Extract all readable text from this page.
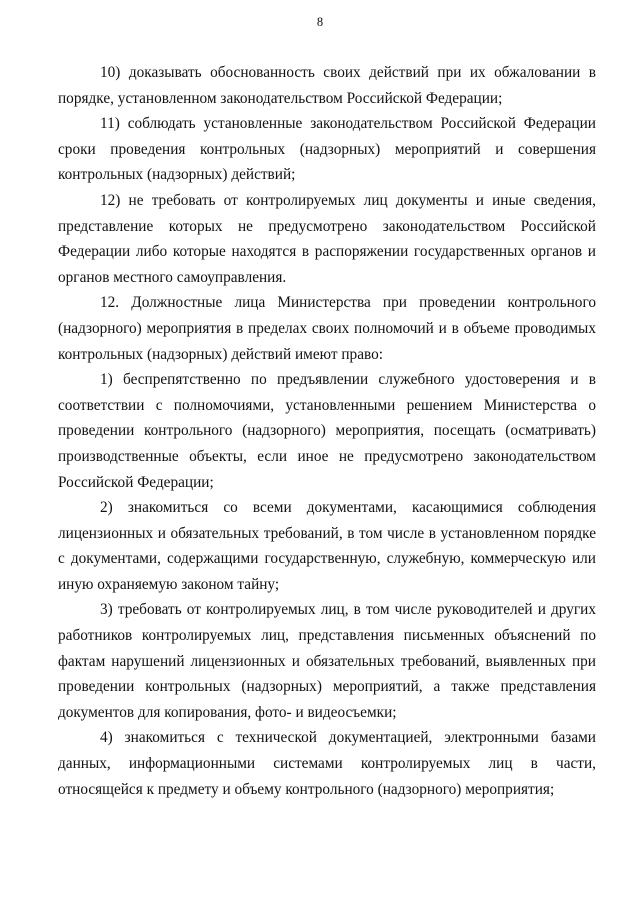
8

10) доказывать обоснованность своих действий при их обжаловании в порядке, установленном законодательством Российской Федерации;

11) соблюдать установленные законодательством Российской Федерации сроки проведения контрольных (надзорных) мероприятий и совершения контрольных (надзорных) действий;

12) не требовать от контролируемых лиц документы и иные сведения, представление которых не предусмотрено законодательством Российской Федерации либо которые находятся в распоряжении государственных органов и органов местного самоуправления.

12. Должностные лица Министерства при проведении контрольного (надзорного) мероприятия в пределах своих полномочий и в объеме проводимых контрольных (надзорных) действий имеют право:

1) беспрепятственно по предъявлении служебного удостоверения и в соответствии с полномочиями, установленными решением Министерства о проведении контрольного (надзорного) мероприятия, посещать (осматривать) производственные объекты, если иное не предусмотрено законодательством Российской Федерации;

2) знакомиться со всеми документами, касающимися соблюдения лицензионных и обязательных требований, в том числе в установленном порядке с документами, содержащими государственную, служебную, коммерческую или иную охраняемую законом тайну;

3) требовать от контролируемых лиц, в том числе руководителей и других работников контролируемых лиц, представления письменных объяснений по фактам нарушений лицензионных и обязательных требований, выявленных при проведении контрольных (надзорных) мероприятий, а также представления документов для копирования, фото- и видеосъемки;

4) знакомиться с технической документацией, электронными базами данных, информационными системами контролируемых лиц в части, относящейся к предмету и объему контрольного (надзорного) мероприятия;
